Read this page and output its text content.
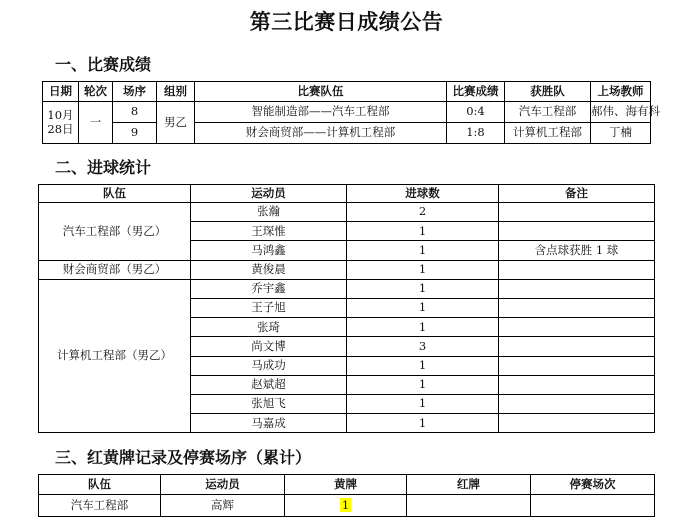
第三比赛日成绩公告
一、比赛成绩
日期	轮次	场序	组别	比赛队伍	比赛成绩	获胜队	上场教师
10月28日	一	8	男乙	智能制造部——汽车工程部	0:4	汽车工程部	郝伟、海有科
		9		财会商贸部——计算机工程部	1:8	计算机工程部	丁楠
二、进球统计
队伍	运动员	进球数	备注
汽车工程部（男乙）	张瀚	2	
	王琛惟	1	
	马鸿鑫	1	含点球获胜 1 球
财会商贸部（男乙）	黄俊晨	1	
计算机工程部（男乙）	乔宇鑫	1	
	王子旭	1	
	张琦	1	
	尚文博	3	
	马成功	1	
	赵斌超	1	
	张旭飞	1	
	马嘉成	1	
三、红黄牌记录及停赛场序（累计）
队伍	运动员	黄牌	红牌	停赛场次
汽车工程部	高辉	1		
